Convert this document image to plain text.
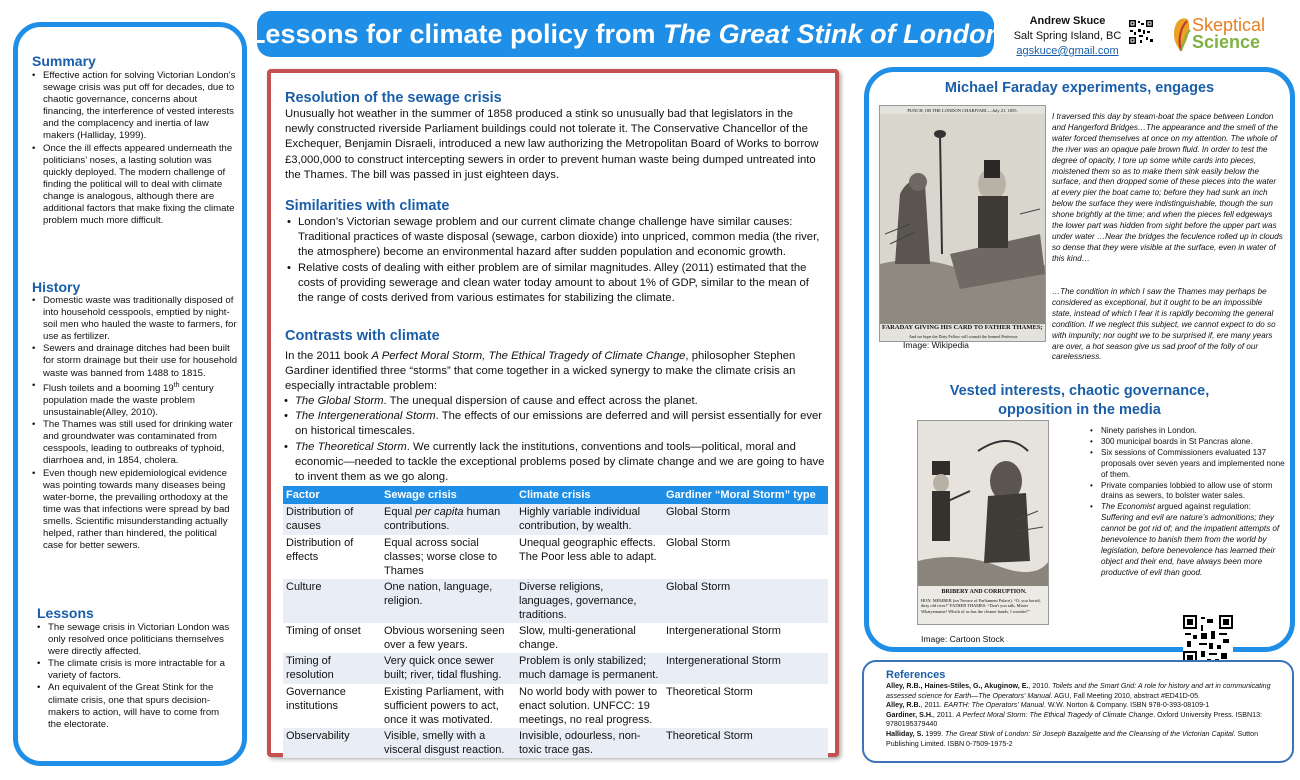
Summary
• Effective action for solving Victorian London's sewage crisis was put off for decades, due to chaotic governance, concerns about financing, the interference of vested interests and the complacency and inertia of law makers (Halliday, 1999).
• Once the ill effects appeared underneath the politicians’ noses, a lasting solution was quickly deployed. The modern challenge of finding the political will to deal with climate change is analogous, although there are additional factors that make fixing the climate problem much more difficult.
History
• Domestic waste was traditionally disposed of into household cesspools, emptied by night-soil men who hauled the waste to farmers, for use as fertilizer.
• Sewers and drainage ditches had been built for storm drainage but their use for household waste was banned from 1488 to 1815.
• Flush toilets and a booming 19th century population made the waste problem unsustainable(Alley, 2010).
• The Thames was still used for drinking water and groundwater was contaminated from cesspools, leading to outbreaks of typhoid, diarrhoea and, in 1854, cholera.
• Even though new epidemiological evidence was pointing towards many diseases being water-borne, the prevailing orthodoxy at the time was that infections were spread by bad smells. Scientific misunderstanding actually helped, rather than hindered, the political case for better sewers.
Lessons
• The sewage crisis in Victorian London was only resolved once politicians themselves were directly affected.
• The climate crisis is more intractable for a variety of factors.
• An equivalent of the Great Stink for the climate crisis, one that spurs decision-makers to action, will have to come from the electorate.
Lessons for climate policy from The Great Stink of London	Andrew Skuce
Salt Spring Island, BC
agskuce@gmail.com
Skeptical
Science
Resolution of the sewage crisis
Unusually hot weather in the summer of 1858 produced a stink so unusually bad that legislators in the newly constructed riverside Parliament buildings could not tolerate it. The Conservative Chancellor of the Exchequer, Benjamin Disraeli, introduced a new law authorizing the Metropolitan Board of Works to borrow £3,000,000 to construct intercepting sewers in order to prevent human waste being dumped untreated into the Thames. The bill was passed in just eighteen days.
Similarities with climate
• London’s Victorian sewage problem and our current climate change challenge have similar causes: Traditional practices of waste disposal (sewage, carbon dioxide) into unpriced, common media (the river, the atmosphere) become an environmental hazard after sudden population and economic growth.
• Relative costs of dealing with either problem are of similar magnitudes. Alley (2011) estimated that the costs of providing sewerage and clean water today amount to about 1% of GDP, similar to the mean of the range of costs derived from various estimates for stabilizing the climate.
Contrasts with climate
In the 2011 book A Perfect Moral Storm, The Ethical Tragedy of Climate Change, philosopher Stephen Gardiner identified three “storms” that come together in a wicked synergy to make the climate crisis an especially intractable problem:
• The Global Storm. The unequal dispersion of cause and effect across the planet.
• The Intergenerational Storm. The effects of our emissions are deferred and will persist essentially for ever on historical timescales.
• The Theoretical Storm. We currently lack the institutions, conventions and tools—political, moral and economic—needed to tackle the exceptional problems posed by climate change and we are going to have to invent them as we go along.
Factor	Sewage crisis	Climate crisis	Gardiner “Moral Storm” type
Distribution of causes	Equal per capita human contributions.	Highly variable individual contribution, by wealth.	Global Storm
Distribution of effects	Equal across social classes; worse close to Thames	Unequal geographic effects. The Poor less able to adapt.	Global Storm
Culture	One nation, language, religion.	Diverse religions, languages, governance, traditions.	Global Storm
Timing of onset	Obvious worsening seen over a few years.	Slow, multi-generational change.	Intergenerational Storm
Timing of resolution	Very quick once sewer built; river, tidal flushing.	Problem is only stabilized; much damage is permanent.	Intergenerational Storm
Governance institutions	Existing Parliament, with sufficient powers to act, once it was motivated.	No world body with power to enact solution. UNFCC: 19 meetings, no real progress.	Theoretical Storm
Observability	Visible, smelly with a visceral disgust reaction.	Invisible, odourless, non-toxic trace gas.	Theoretical Storm
Michael Faraday experiments, engages
PUNCH, OR THE LONDON CHARIVARI.—July 21, 1855.
FARADAY GIVING HIS CARD TO FATHER THAMES;
And we hope the Dirty Fellow will consult the learned Professor.
Image: Wikipedia
I traversed this day by steam-boat the space between London and Hangerford Bridges…The appearance and the smell of the water forced themselves at once on my attention. The whole of the river was an opaque pale brown fluid. In order to test the degree of opacity, I tore up some white cards into pieces, moistened them so as to make them sink easily below the surface, and then dropped some of these pieces into the water at every pier the boat came to; before they had sunk an inch below the surface they were indistinguishable, though the sun shone brightly at the time; and when the pieces fell edgeways the lower part was hidden from sight before the upper part was under water …Near the bridges the feculence rolled up in clouds so dense that they were visible at the surface, even in water of this kind…
…The condition in which I saw the Thames may perhaps be considered as exceptional, but it ought to be an impossible state, instead of which I fear it is rapidly becoming the general condition. If we neglect this subject, we cannot expect to do so with impunity; nor ought we to be surprised if, ere many years are over, a hot season give us sad proof of the folly of our carelessness.
Vested interests, chaotic governance,
opposition in the media
BRIBERY AND CORRUPTION.
HON. MEMBER (on Terrace of Parliament Palace). “O, you horrid, dirty old river!” FATHER THAMES: “Don't you talk, Mister Whatyername! Which of us has the cleaner hands, I wonder?”
Image: Cartoon Stock
• Ninety parishes in London.
• 300 municipal boards in St Pancras alone.
• Six sessions of Commissioners evaluated 137 proposals over seven years and implemented none of them.
• Private companies lobbied to allow use of storm drains as sewers, to bolster water sales.
• The Economist argued against regulation:
Suffering and evil are nature’s admonitions; they cannot be got rid of; and the impatient attempts of benevolence to banish them from the world by legislation, before benevolence has learned their object and their end, have always been more productive of evil than good.
References
Alley, R.B., Haines-Stiles, G., Akuginow, E., 2010. Toilets and the Smart Grid: A role for history and art in communicating assessed science for Earth—The Operators' Manual. AGU, Fall Meeting 2010, abstract #ED41D-05.
Alley, R.B., 2011. EARTH: The Operators' Manual. W.W. Norton & Company. ISBN 978-0-393-08109-1
Gardiner, S.H., 2011. A Perfect Moral Storm: The Ethical Tragedy of Climate Change. Oxford University Press. ISBN13: 9780195379440
Halliday, S. 1999. The Great Stink of London: Sir Joseph Bazalgette and the Cleansing of the Victorian Capital. Sutton Publishing Limited. ISBN 0-7509-1975-2
